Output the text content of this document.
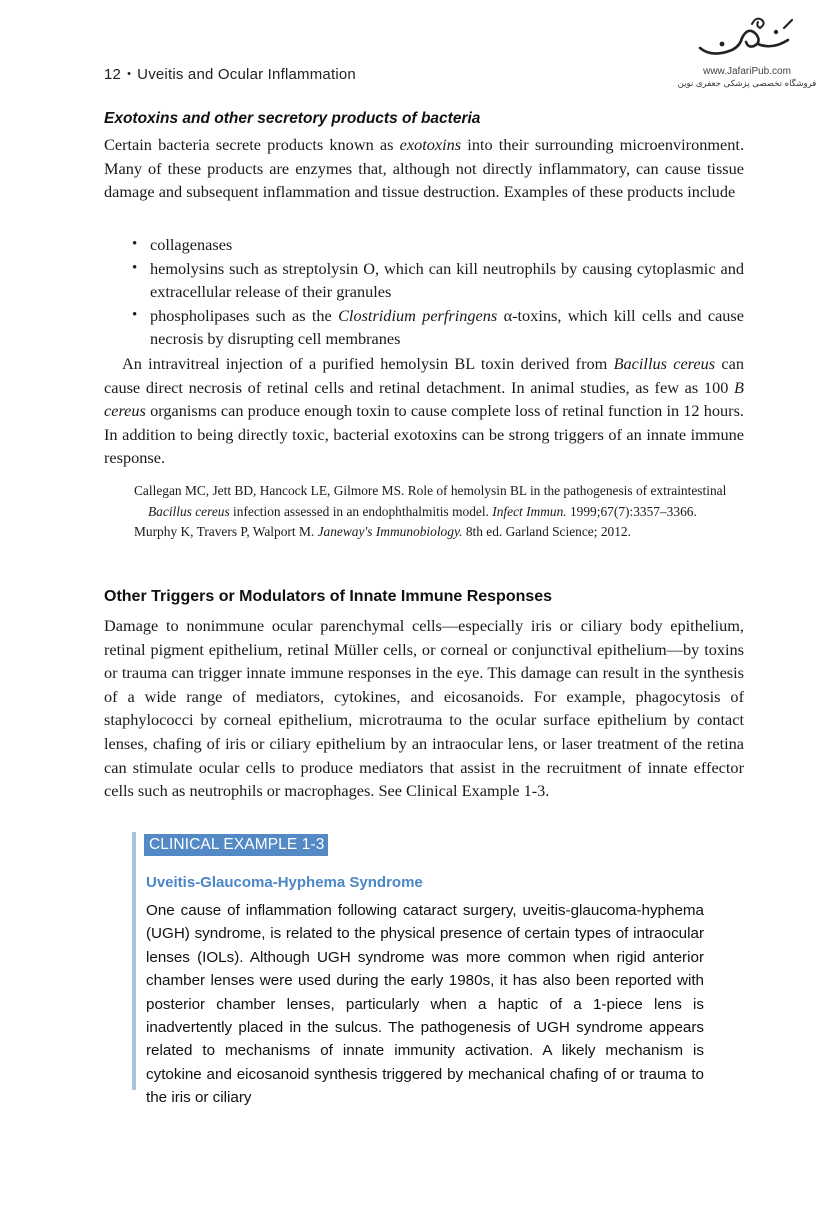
12 • Uveitis and Ocular Inflammation	www.JafariPub.com
فروشگاه تخصصی پزشکی جعفری نوین
Exotoxins and other secretory products of bacteria

Certain bacteria secrete products known as exotoxins into their surrounding microenvironment. Many of these products are enzymes that, although not directly inflammatory, can cause tissue damage and subsequent inflammation and tissue destruction. Examples of these products include

• collagenases
• hemolysins such as streptolysin O, which can kill neutrophils by causing cytoplasmic and extracellular release of their granules
• phospholipases such as the Clostridium perfringens α-toxins, which kill cells and cause necrosis by disrupting cell membranes

An intravitreal injection of a purified hemolysin BL toxin derived from Bacillus cereus can cause direct necrosis of retinal cells and retinal detachment. In animal studies, as few as 100 B cereus organisms can produce enough toxin to cause complete loss of retinal function in 12 hours. In addition to being directly toxic, bacterial exotoxins can be strong triggers of an innate immune response.

Callegan MC, Jett BD, Hancock LE, Gilmore MS. Role of hemolysin BL in the pathogenesis of extraintestinal Bacillus cereus infection assessed in an endophthalmitis model. Infect Immun. 1999;67(7):3357–3366.

Murphy K, Travers P, Walport M. Janeway's Immunobiology. 8th ed. Garland Science; 2012.

Other Triggers or Modulators of Innate Immune Responses

Damage to nonimmune ocular parenchymal cells—especially iris or ciliary body epithelium, retinal pigment epithelium, retinal Müller cells, or corneal or conjunctival epithelium—by toxins or trauma can trigger innate immune responses in the eye. This damage can result in the synthesis of a wide range of mediators, cytokines, and eicosanoids. For example, phagocytosis of staphylococci by corneal epithelium, microtrauma to the ocular surface epithelium by contact lenses, chafing of iris or ciliary epithelium by an intraocular lens, or laser treatment of the retina can stimulate ocular cells to produce mediators that assist in the recruitment of innate effector cells such as neutrophils or macrophages. See Clinical Example 1-3.

CLINICAL EXAMPLE 1-3
Uveitis-Glaucoma-Hyphema Syndrome

One cause of inflammation following cataract surgery, uveitis-glaucoma-hyphema (UGH) syndrome, is related to the physical presence of certain types of intraocular lenses (IOLs). Although UGH syndrome was more common when rigid anterior chamber lenses were used during the early 1980s, it has also been reported with posterior chamber lenses, particularly when a haptic of a 1-piece lens is inadvertently placed in the sulcus. The pathogenesis of UGH syndrome appears related to mechanisms of innate immunity activation. A likely mechanism is cytokine and eicosanoid synthesis triggered by mechanical chafing of or trauma to the iris or ciliary
